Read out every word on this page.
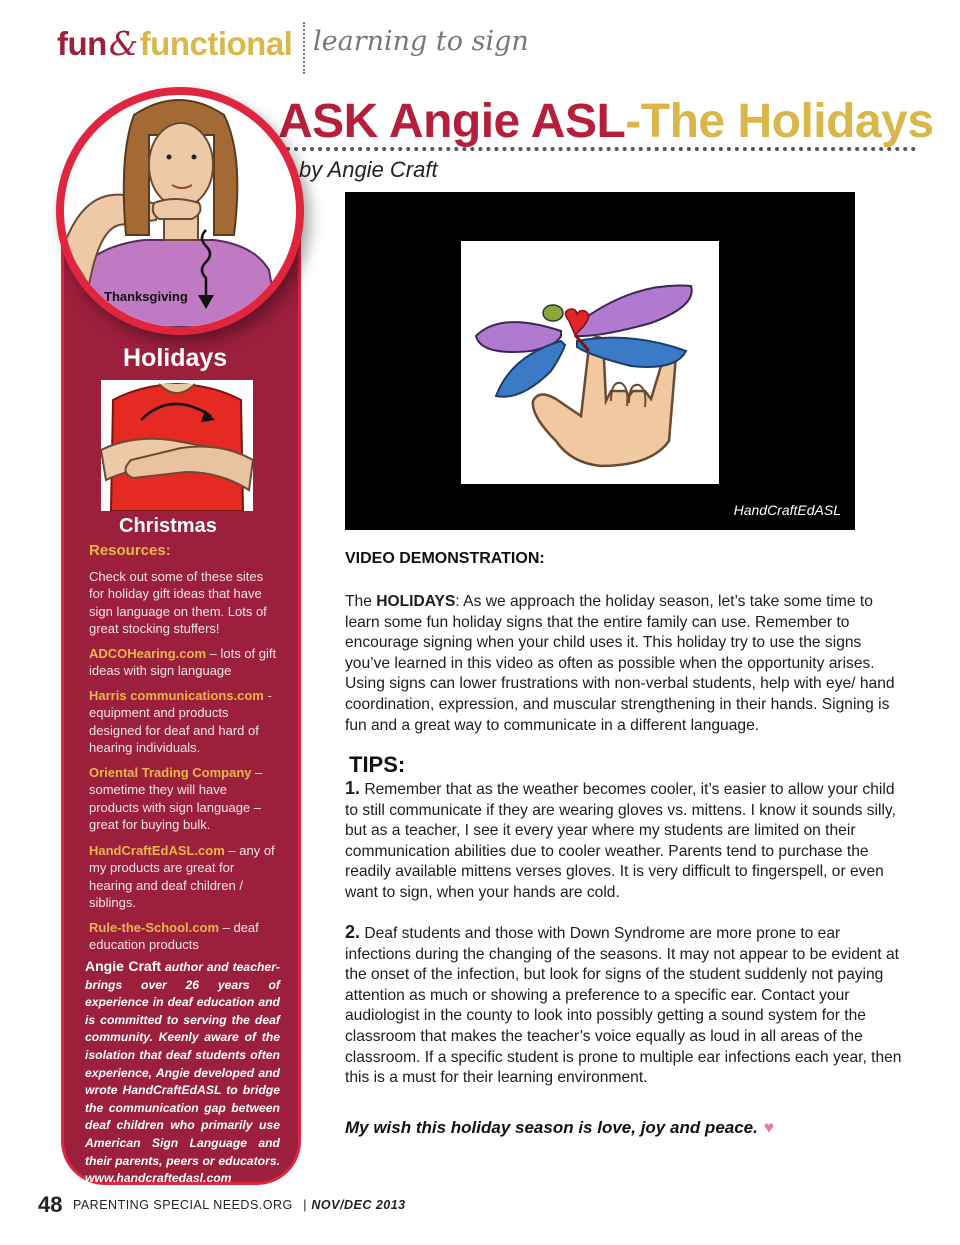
fun&functional learning to sign
ASK Angie ASL-The Holidays
by Angie Craft
Thanksgiving
Holidays
Christmas
Resources:
Check out some of these sites for holiday gift ideas that have sign language on them. Lots of great stocking stuffers!
ADCOHearing.com – lots of gift ideas with sign language
Harris communications.com - equipment and products designed for deaf and hard of hearing individuals.
Oriental Trading Company – sometime they will have products with sign language – great for buying bulk.
HandCraftEdASL.com – any of my products are great for hearing and deaf children / siblings.
Rule-the-School.com – deaf education products
Angie Craft author and teacher-brings over 26 years of experience in deaf education and is committed to serving the deaf community. Keenly aware of the isolation that deaf students often experience, Angie developed and wrote HandCraftEdASL to bridge the communication gap between deaf children who primarily use American Sign Language and their parents, peers or educators. www.handcraftedasl.com
HandCraftEdASL
VIDEO DEMONSTRATION:
The HOLIDAYS: As we approach the holiday season, let’s take some time to learn some fun holiday signs that the entire family can use. Remember to encourage signing when your child uses it. This holiday try to use the signs you’ve learned in this video as often as possible when the opportunity arises. Using signs can lower frustrations with non-verbal students, help with eye/ hand coordination, expression, and muscular strengthening in their hands. Signing is fun and a great way to communicate in a different language.
TIPS:
1. Remember that as the weather becomes cooler, it’s easier to allow your child to still communicate if they are wearing gloves vs. mittens. I know it sounds silly, but as a teacher, I see it every year where my students are limited on their communication abilities due to cooler weather. Parents tend to purchase the readily available mittens verses gloves. It is very difficult to fingerspell, or even want to sign, when your hands are cold.
2. Deaf students and those with Down Syndrome are more prone to ear infections during the changing of the seasons. It may not appear to be evident at the onset of the infection, but look for signs of the student suddenly not paying attention as much or showing a preference to a specific ear. Contact your audiologist in the county to look into possibly getting a sound system for the classroom that makes the teacher’s voice equally as loud in all areas of the classroom. If a specific student is prone to multiple ear infections each year, then this is a must for their learning environment.
My wish this holiday season is love, joy and peace. ♥
48 PARENTING SPECIAL NEEDS.ORG | NOV/DEC 2013
